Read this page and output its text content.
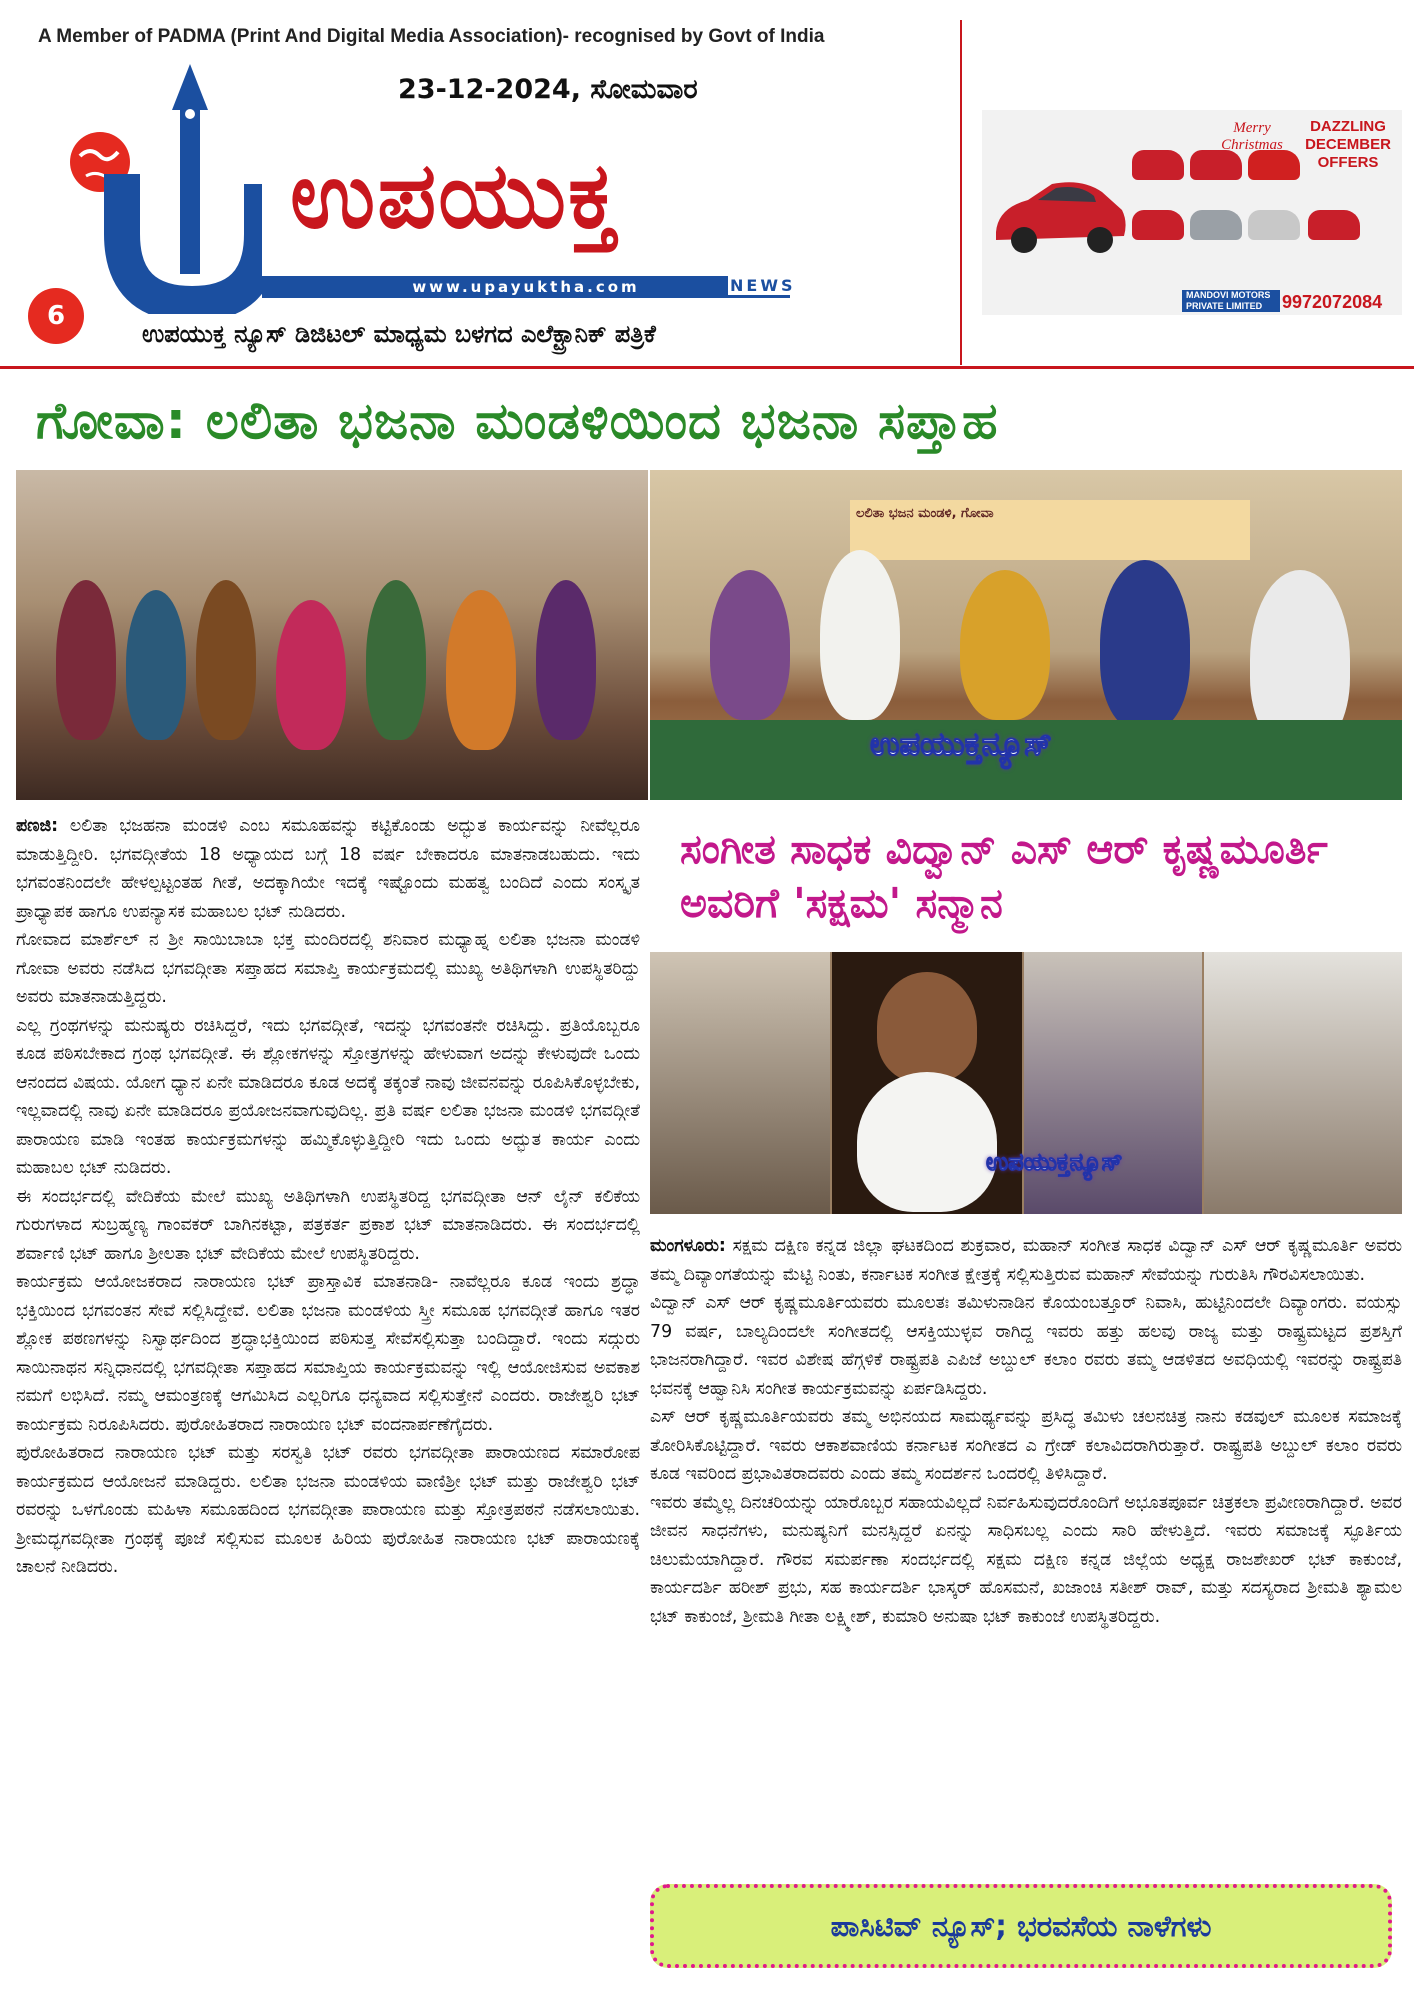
A Member of PADMA (Print And Digital Media Association)- recognised by Govt of India
23-12-2024, ಸೋಮವಾರ
ಉಪಯುಕ್ತ
www.upayuktha.com	NEWS
6
ಉಪಯುಕ್ತ ನ್ಯೂಸ್ ಡಿಜಿಟಲ್ ಮಾಧ್ಯಮ ಬಳಗದ ಎಲೆಕ್ಟ್ರಾನಿಕ್ ಪತ್ರಿಕೆ
Merry Christmas
DAZZLING DECEMBER OFFERS
MANDOVI MOTORS PRIVATE LIMITED	9972072084
ಗೋವಾ: ಲಲಿತಾ ಭಜನಾ ಮಂಡಳಿಯಿಂದ ಭಜನಾ ಸಪ್ತಾಹ
ಲಲಿತಾ ಭಜನ ಮಂಡಳಿ, ಗೋವಾ
ಉಪಯುಕ್ತನ್ಯೂಸ್

ಪಣಜಿ: ಲಲಿತಾ ಭಜಹನಾ ಮಂಡಳಿ ಎಂಬ ಸಮೂಹವನ್ನು ಕಟ್ಟಿಕೊಂಡು ಅದ್ಭುತ ಕಾರ್ಯವನ್ನು ನೀವೆಲ್ಲರೂ ಮಾಡುತ್ತಿದ್ದೀರಿ. ಭಗವದ್ಗೀತೆಯ 18 ಅಧ್ಯಾಯದ ಬಗ್ಗೆ 18 ವರ್ಷ ಬೇಕಾದರೂ ಮಾತನಾಡಬಹುದು. ಇದು ಭಗವಂತನಿಂದಲೇ ಹೇಳಲ್ಪಟ್ಟಂತಹ ಗೀತೆ, ಅದಕ್ಕಾಗಿಯೇ ಇದಕ್ಕೆ ಇಷ್ಟೊಂದು ಮಹತ್ವ ಬಂದಿದೆ ಎಂದು ಸಂಸ್ಕೃತ ಪ್ರಾಧ್ಯಾಪಕ ಹಾಗೂ ಉಪನ್ಯಾಸಕ ಮಹಾಬಲ ಭಟ್ ನುಡಿದರು.

ಗೋವಾದ ಮಾರ್ಶೆಲ್ ನ ಶ್ರೀ ಸಾಯಿಬಾಬಾ ಭಕ್ತ ಮಂದಿರದಲ್ಲಿ ಶನಿವಾರ ಮಧ್ಯಾಹ್ನ ಲಲಿತಾ ಭಜನಾ ಮಂಡಳಿ ಗೋವಾ ಅವರು ನಡೆಸಿದ ಭಗವದ್ಗೀತಾ ಸಪ್ತಾಹದ ಸಮಾಪ್ತಿ ಕಾರ್ಯಕ್ರಮದಲ್ಲಿ ಮುಖ್ಯ ಅತಿಥಿಗಳಾಗಿ ಉಪಸ್ಥಿತರಿದ್ದು ಅವರು ಮಾತನಾಡುತ್ತಿದ್ದರು.

ಎಲ್ಲ ಗ್ರಂಥಗಳನ್ನು ಮನುಷ್ಯರು ರಚಿಸಿದ್ದರೆ, ಇದು ಭಗವದ್ಗೀತೆ, ಇದನ್ನು ಭಗವಂತನೇ ರಚಿಸಿದ್ದು. ಪ್ರತಿಯೊಬ್ಬರೂ ಕೂಡ ಪಠಿಸಬೇಕಾದ ಗ್ರಂಥ ಭಗವದ್ಗೀತೆ. ಈ ಶ್ಲೋಕಗಳನ್ನು ಸ್ತೋತ್ರಗಳನ್ನು ಹೇಳುವಾಗ ಅದನ್ನು ಕೇಳುವುದೇ ಒಂದು ಆನಂದದ ವಿಷಯ. ಯೋಗ ಧ್ಯಾನ ಏನೇ ಮಾಡಿದರೂ ಕೂಡ ಅದಕ್ಕೆ ತಕ್ಕಂತೆ ನಾವು ಜೀವನವನ್ನು ರೂಪಿಸಿಕೊಳ್ಳಬೇಕು, ಇಲ್ಲವಾದಲ್ಲಿ ನಾವು ಏನೇ ಮಾಡಿದರೂ ಪ್ರಯೋಜನವಾಗುವುದಿಲ್ಲ. ಪ್ರತಿ ವರ್ಷ ಲಲಿತಾ ಭಜನಾ ಮಂಡಳಿ ಭಗವದ್ಗೀತೆ ಪಾರಾಯಣ ಮಾಡಿ ಇಂತಹ ಕಾರ್ಯಕ್ರಮಗಳನ್ನು ಹಮ್ಮಿಕೊಳ್ಳುತ್ತಿದ್ದೀರಿ ಇದು ಒಂದು ಅದ್ಭುತ ಕಾರ್ಯ ಎಂದು ಮಹಾಬಲ ಭಟ್ ನುಡಿದರು.

ಈ ಸಂದರ್ಭದಲ್ಲಿ ವೇದಿಕೆಯ ಮೇಲೆ ಮುಖ್ಯ ಅತಿಥಿಗಳಾಗಿ ಉಪಸ್ಥಿತರಿದ್ದ ಭಗವದ್ಗೀತಾ ಆನ್ ಲೈನ್ ಕಲಿಕೆಯ ಗುರುಗಳಾದ ಸುಬ್ರಹ್ಮಣ್ಯ ಗಾಂವಕರ್ ಬಾಗಿನಕಟ್ಟಾ, ಪತ್ರಕರ್ತ ಪ್ರಕಾಶ ಭಟ್ ಮಾತನಾಡಿದರು. ಈ ಸಂದರ್ಭದಲ್ಲಿ ಶರ್ವಾಣಿ ಭಟ್ ಹಾಗೂ ಶ್ರೀಲತಾ ಭಟ್ ವೇದಿಕೆಯ ಮೇಲೆ ಉಪಸ್ಥಿತರಿದ್ದರು.

ಕಾರ್ಯಕ್ರಮ ಆಯೋಜಕರಾದ ನಾರಾಯಣ ಭಟ್ ಪ್ರಾಸ್ತಾವಿಕ ಮಾತನಾಡಿ- ನಾವೆಲ್ಲರೂ ಕೂಡ ಇಂದು ಶ್ರದ್ಧಾ ಭಕ್ತಿಯಿಂದ ಭಗವಂತನ ಸೇವೆ ಸಲ್ಲಿಸಿದ್ದೇವೆ. ಲಲಿತಾ ಭಜನಾ ಮಂಡಳಿಯ ಸ್ತ್ರೀ ಸಮೂಹ ಭಗವದ್ಗೀತೆ ಹಾಗೂ ಇತರ ಶ್ಲೋಕ ಪಠಣಗಳನ್ನು ನಿಸ್ವಾರ್ಥದಿಂದ ಶ್ರದ್ಧಾಭಕ್ತಿಯಿಂದ ಪಠಿಸುತ್ತ ಸೇವೆಸಲ್ಲಿಸುತ್ತಾ ಬಂದಿದ್ದಾರೆ. ಇಂದು ಸದ್ಗುರು ಸಾಯಿನಾಥನ ಸನ್ನಿಧಾನದಲ್ಲಿ ಭಗವದ್ಗೀತಾ ಸಪ್ತಾಹದ ಸಮಾಪ್ತಿಯ ಕಾರ್ಯಕ್ರಮವನ್ನು ಇಲ್ಲಿ ಆಯೋಜಿಸುವ ಅವಕಾಶ ನಮಗೆ ಲಭಿಸಿದೆ. ನಮ್ಮ ಆಮಂತ್ರಣಕ್ಕೆ ಆಗಮಿಸಿದ ಎಲ್ಲರಿಗೂ ಧನ್ಯವಾದ ಸಲ್ಲಿಸುತ್ತೇನೆ ಎಂದರು. ರಾಜೇಶ್ವರಿ ಭಟ್ ಕಾರ್ಯಕ್ರಮ ನಿರೂಪಿಸಿದರು. ಪುರೋಹಿತರಾದ ನಾರಾಯಣ ಭಟ್ ವಂದನಾರ್ಪಣೆಗೈದರು.

ಪುರೋಹಿತರಾದ ನಾರಾಯಣ ಭಟ್ ಮತ್ತು ಸರಸ್ವತಿ ಭಟ್ ರವರು ಭಗವದ್ಗೀತಾ ಪಾರಾಯಣದ ಸಮಾರೋಪ ಕಾರ್ಯಕ್ರಮದ ಆಯೋಜನೆ ಮಾಡಿದ್ದರು. ಲಲಿತಾ ಭಜನಾ ಮಂಡಳಿಯ ವಾಣಿಶ್ರೀ ಭಟ್ ಮತ್ತು ರಾಜೇಶ್ವರಿ ಭಟ್ ರವರನ್ನು ಒಳಗೊಂಡು ಮಹಿಳಾ ಸಮೂಹದಿಂದ ಭಗವದ್ಗೀತಾ ಪಾರಾಯಣ ಮತ್ತು ಸ್ತೋತ್ರಪಠನೆ ನಡೆಸಲಾಯಿತು. ಶ್ರೀಮದ್ಭಗವದ್ಗೀತಾ ಗ್ರಂಥಕ್ಕೆ ಪೂಜೆ ಸಲ್ಲಿಸುವ ಮೂಲಕ ಹಿರಿಯ ಪುರೋಹಿತ ನಾರಾಯಣ ಭಟ್ ಪಾರಾಯಣಕ್ಕೆ ಚಾಲನೆ ನೀಡಿದರು.

ಸಂಗೀತ ಸಾಧಕ ವಿದ್ವಾನ್ ಎಸ್ ಆರ್ ಕೃಷ್ಣಮೂರ್ತಿ ಅವರಿಗೆ 'ಸಕ್ಷಮ' ಸನ್ಮಾನ
ಉಪಯುಕ್ತನ್ಯೂಸ್

ಮಂಗಳೂರು: ಸಕ್ಷಮ ದಕ್ಷಿಣ ಕನ್ನಡ ಜಿಲ್ಲಾ ಘಟಕದಿಂದ ಶುಕ್ರವಾರ, ಮಹಾನ್ ಸಂಗೀತ ಸಾಧಕ ವಿದ್ವಾನ್ ಎಸ್ ಆರ್ ಕೃಷ್ಣಮೂರ್ತಿ ಅವರು ತಮ್ಮ ದಿವ್ಯಾಂಗತೆಯನ್ನು ಮೆಟ್ಟಿ ನಿಂತು, ಕರ್ನಾಟಕ ಸಂಗೀತ ಕ್ಷೇತ್ರಕ್ಕೆ ಸಲ್ಲಿಸುತ್ತಿರುವ ಮಹಾನ್ ಸೇವೆಯನ್ನು ಗುರುತಿಸಿ ಗೌರವಿಸಲಾಯಿತು.

ವಿದ್ವಾನ್ ಎಸ್ ಆರ್ ಕೃಷ್ಣಮೂರ್ತಿಯವರು ಮೂಲತಃ ತಮಿಳುನಾಡಿನ ಕೊಯಂಬತ್ತೂರ್ ನಿವಾಸಿ, ಹುಟ್ಟಿನಿಂದಲೇ ದಿವ್ಯಾಂಗರು. ವಯಸ್ಸು 79 ವರ್ಷ, ಬಾಲ್ಯದಿಂದಲೇ ಸಂಗೀತದಲ್ಲಿ ಆಸಕ್ತಿಯುಳ್ಳವ ರಾಗಿದ್ದ ಇವರು ಹತ್ತು ಹಲವು ರಾಜ್ಯ ಮತ್ತು ರಾಷ್ಟ್ರಮಟ್ಟದ ಪ್ರಶಸ್ತಿಗೆ ಭಾಜನರಾಗಿದ್ದಾರೆ. ಇವರ ವಿಶೇಷ ಹೆಗ್ಗಳಿಕೆ ರಾಷ್ಟ್ರಪತಿ ಎಪಿಜೆ ಅಬ್ದುಲ್ ಕಲಾಂ ರವರು ತಮ್ಮ ಆಡಳಿತದ ಅವಧಿಯಲ್ಲಿ ಇವರನ್ನು ರಾಷ್ಟ್ರಪತಿ ಭವನಕ್ಕೆ ಆಹ್ವಾನಿಸಿ ಸಂಗೀತ ಕಾರ್ಯಕ್ರಮವನ್ನು ಏರ್ಪಡಿಸಿದ್ದರು.

ಎಸ್ ಆರ್ ಕೃಷ್ಣಮೂರ್ತಿಯವರು ತಮ್ಮ ಅಭಿನಯದ ಸಾಮರ್ಥ್ಯವನ್ನು ಪ್ರಸಿದ್ಧ ತಮಿಳು ಚಲನಚಿತ್ರ ನಾನು ಕಡವುಲ್ ಮೂಲಕ ಸಮಾಜಕ್ಕೆ ತೋರಿಸಿಕೊಟ್ಟಿದ್ದಾರೆ. ಇವರು ಆಕಾಶವಾಣಿಯ ಕರ್ನಾಟಕ ಸಂಗೀತದ ಎ ಗ್ರೇಡ್ ಕಲಾವಿದರಾಗಿರುತ್ತಾರೆ. ರಾಷ್ಟ್ರಪತಿ ಅಬ್ದುಲ್ ಕಲಾಂ ರವರು ಕೂಡ ಇವರಿಂದ ಪ್ರಭಾವಿತರಾದವರು ಎಂದು ತಮ್ಮ ಸಂದರ್ಶನ ಒಂದರಲ್ಲಿ ತಿಳಿಸಿದ್ದಾರೆ.

ಇವರು ತಮ್ಮೆಲ್ಲ ದಿನಚರಿಯನ್ನು ಯಾರೊಬ್ಬರ ಸಹಾಯವಿಲ್ಲದೆ ನಿರ್ವಹಿಸುವುದರೊಂದಿಗೆ ಅಭೂತಪೂರ್ವ ಚಿತ್ರಕಲಾ ಪ್ರವೀಣರಾಗಿದ್ದಾರೆ. ಅವರ ಜೀವನ ಸಾಧನೆಗಳು, ಮನುಷ್ಯನಿಗೆ ಮನಸ್ಸಿದ್ದರೆ ಏನನ್ನು ಸಾಧಿಸಬಲ್ಲ ಎಂದು ಸಾರಿ ಹೇಳುತ್ತಿದೆ. ಇವರು ಸಮಾಜಕ್ಕೆ ಸ್ಫೂರ್ತಿಯ ಚಿಲುಮೆಯಾಗಿದ್ದಾರೆ. ಗೌರವ ಸಮರ್ಪಣಾ ಸಂದರ್ಭದಲ್ಲಿ ಸಕ್ಷಮ ದಕ್ಷಿಣ ಕನ್ನಡ ಜಿಲ್ಲೆಯ ಅಧ್ಯಕ್ಷ ರಾಜಶೇಖರ್ ಭಟ್ ಕಾಕುಂಜೆ, ಕಾರ್ಯದರ್ಶಿ ಹರೀಶ್ ಪ್ರಭು, ಸಹ ಕಾರ್ಯದರ್ಶಿ ಭಾಸ್ಕರ್ ಹೊಸಮನೆ, ಖಜಾಂಚಿ ಸತೀಶ್ ರಾವ್, ಮತ್ತು ಸದಸ್ಯರಾದ ಶ್ರೀಮತಿ ಶ್ಯಾಮಲ ಭಟ್ ಕಾಕುಂಜೆ, ಶ್ರೀಮತಿ ಗೀತಾ ಲಕ್ಷ್ಮೀಶ್, ಕುಮಾರಿ ಅನುಷಾ ಭಟ್ ಕಾಕುಂಜೆ ಉಪಸ್ಥಿತರಿದ್ದರು.

ಪಾಸಿಟಿವ್ ನ್ಯೂಸ್; ಭರವಸೆಯ ನಾಳೆಗಳು
